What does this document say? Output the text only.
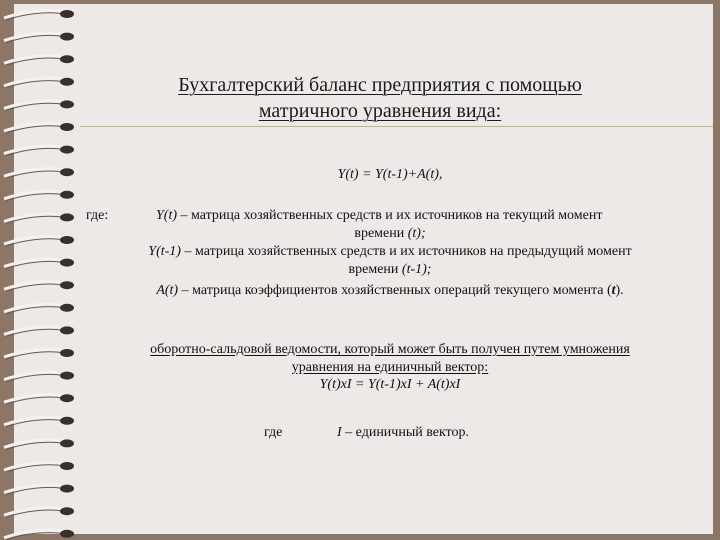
Бухгалтерский баланс предприятия с помощью
матричного уравнения вида:
Y(t) = Y(t-1)+A(t),
где:	Y(t) – матрица хозяйственных средств и их источников на текущий момент
времени (t);
Y(t-1) – матрица хозяйственных средств и их источников на предыдущий момент
времени (t-1);
A(t) – матрица коэффициентов хозяйственных операций текущего момента (t).
оборотно-сальдовой ведомости, который может быть получен путем умножения
уравнения на единичный вектор:
Y(t)xI = Y(t-1)xI + A(t)xI
где	I – единичный вектор.
